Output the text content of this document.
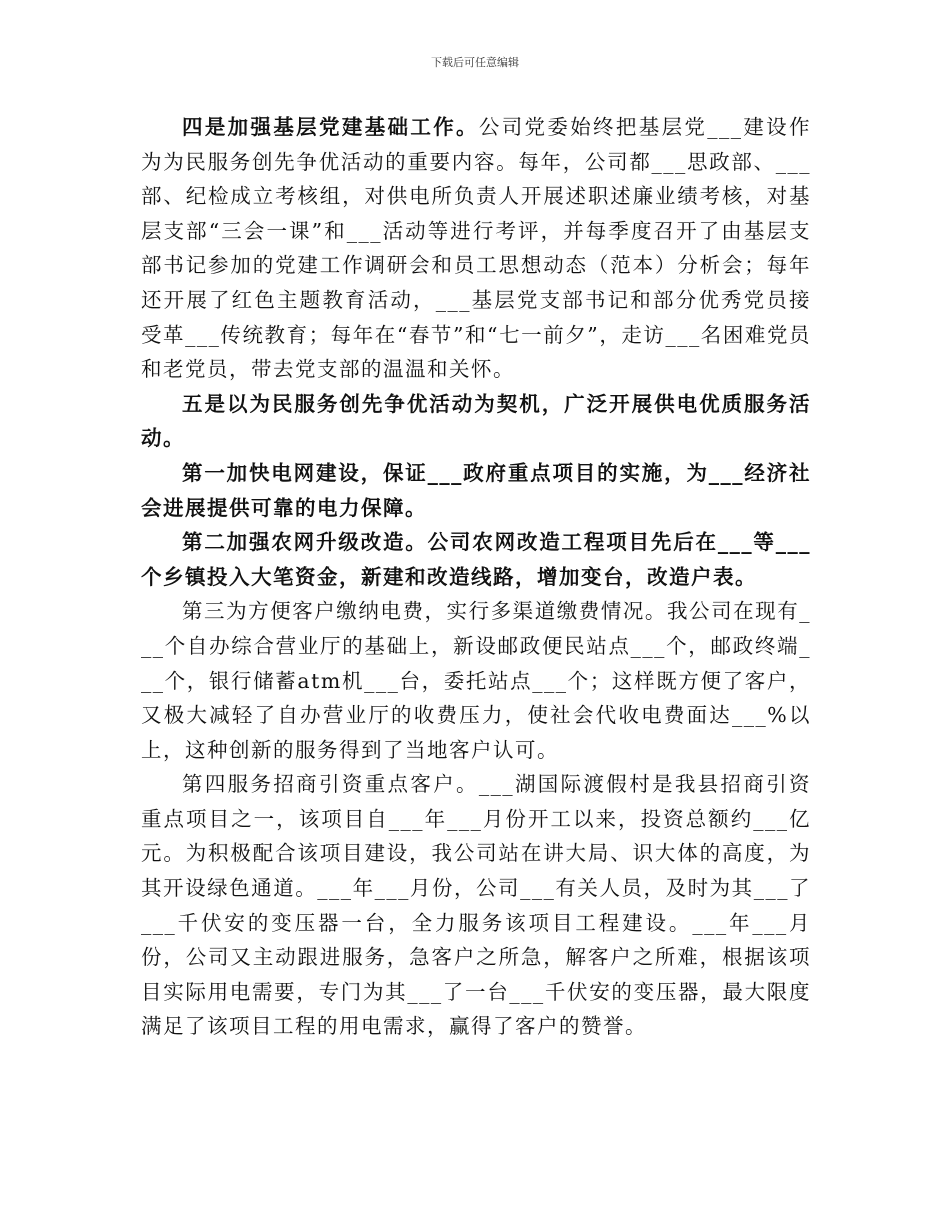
下载后可任意编辑

四是加强基层党建基础工作。公司党委始终把基层党___建设作为为民服务创先争优活动的重要内容。每年，公司都___思政部、___部、纪检成立考核组，对供电所负责人开展述职述廉业绩考核，对基层支部“三会一课”和___活动等进行考评，并每季度召开了由基层支部书记参加的党建工作调研会和员工思想动态（范本）分析会；每年还开展了红色主题教育活动，___基层党支部书记和部分优秀党员接受革___传统教育；每年在“春节”和“七一前夕”，走访___名困难党员和老党员，带去党支部的温温和关怀。

五是以为民服务创先争优活动为契机，广泛开展供电优质服务活动。

第一加快电网建设，保证___政府重点项目的实施，为___经济社会进展提供可靠的电力保障。

第二加强农网升级改造。公司农网改造工程项目先后在___等___个乡镇投入大笔资金，新建和改造线路，增加变台，改造户表。

第三为方便客户缴纳电费，实行多渠道缴费情况。我公司在现有___个自办综合营业厅的基础上，新设邮政便民站点___个，邮政终端___个，银行储蓄atm机___台，委托站点___个；这样既方便了客户，又极大减轻了自办营业厅的收费压力，使社会代收电费面达___%以上，这种创新的服务得到了当地客户认可。

第四服务招商引资重点客户。___湖国际渡假村是我县招商引资重点项目之一，该项目自___年___月份开工以来，投资总额约___亿元。为积极配合该项目建设，我公司站在讲大局、识大体的高度，为其开设绿色通道。___年___月份，公司___有关人员，及时为其___了___千伏安的变压器一台，全力服务该项目工程建设。___年___月份，公司又主动跟进服务，急客户之所急，解客户之所难，根据该项目实际用电需要，专门为其___了一台___千伏安的变压器，最大限度满足了该项目工程的用电需求，赢得了客户的赞誉。
